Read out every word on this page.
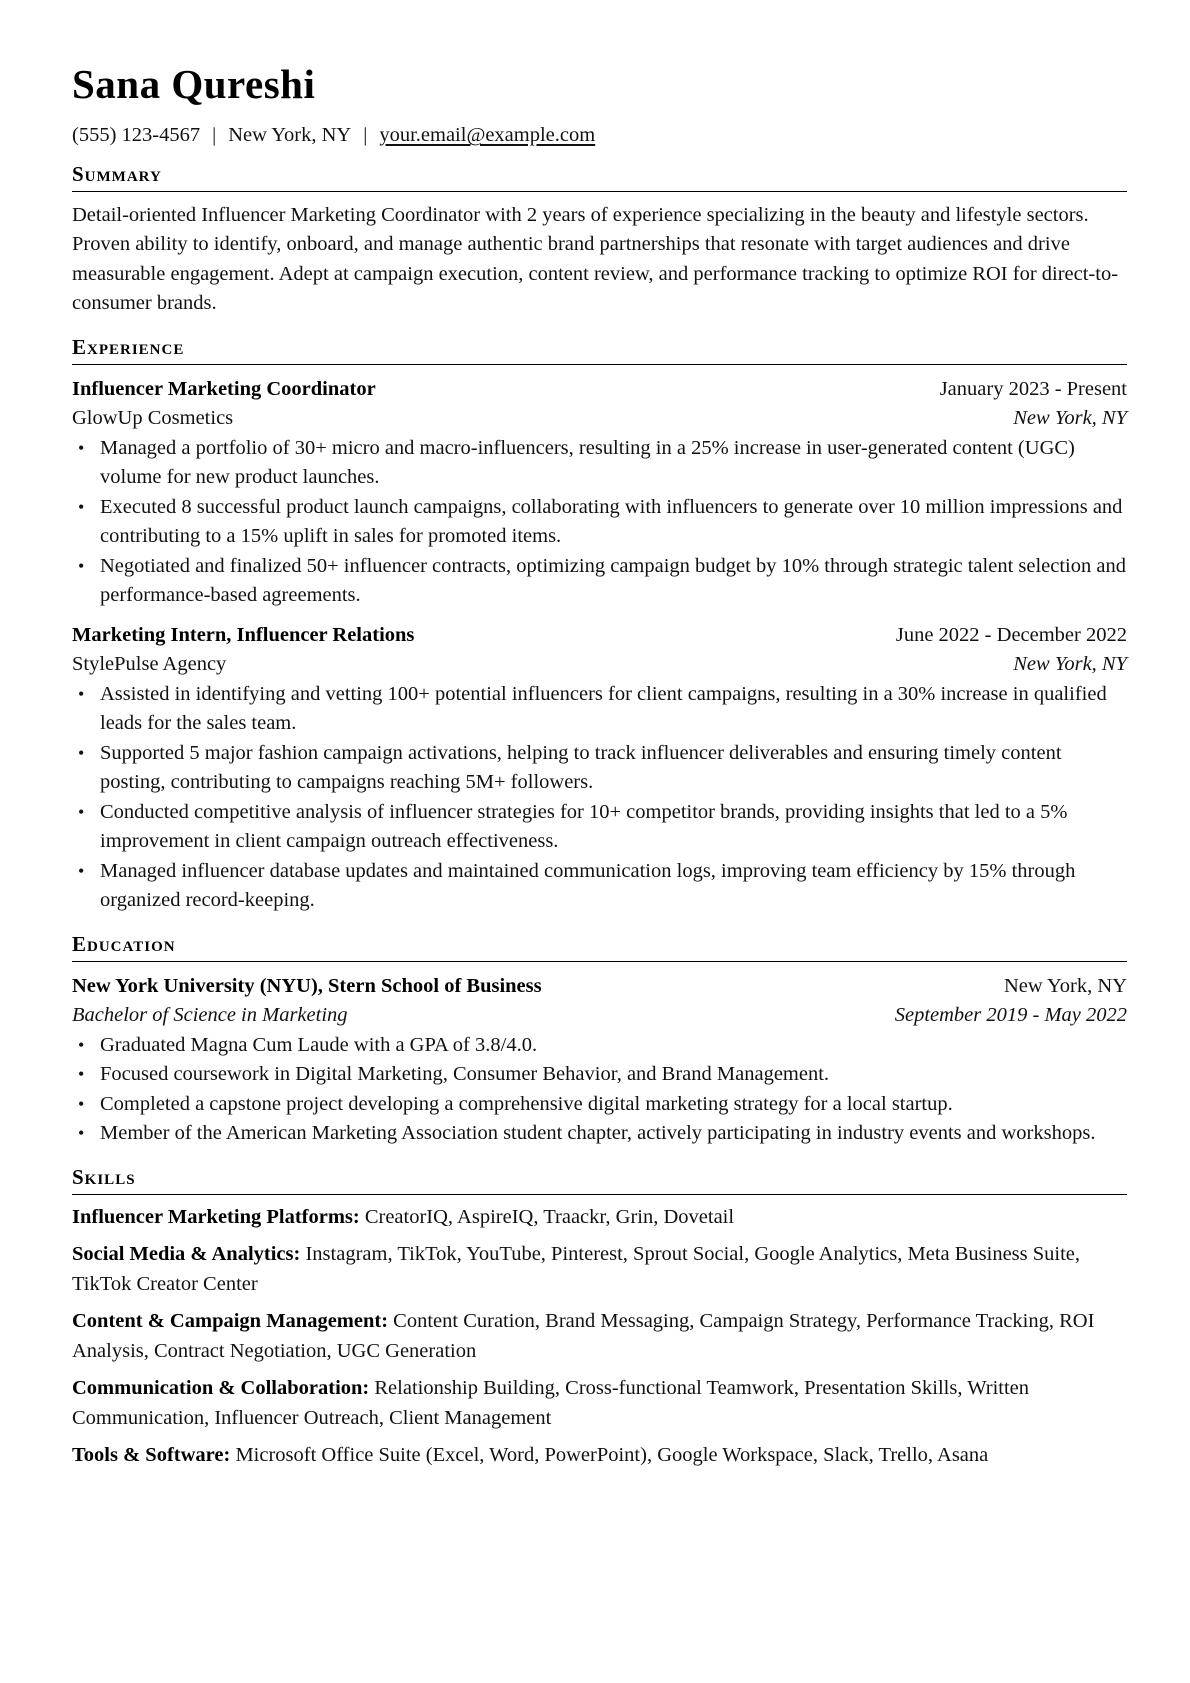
Sana Qureshi
(555) 123-4567 | New York, NY | your.email@example.com
Summary

Detail-oriented Influencer Marketing Coordinator with 2 years of experience specializing in the beauty and lifestyle sectors. Proven ability to identify, onboard, and manage authentic brand partnerships that resonate with target audiences and drive measurable engagement. Adept at campaign execution, content review, and performance tracking to optimize ROI for direct-to-consumer brands.

Experience
Influencer Marketing Coordinator	January 2023 - Present
GlowUp Cosmetics	New York, NY
• Managed a portfolio of 30+ micro and macro-influencers, resulting in a 25% increase in user-generated content (UGC) volume for new product launches.
• Executed 8 successful product launch campaigns, collaborating with influencers to generate over 10 million impressions and contributing to a 15% uplift in sales for promoted items.
• Negotiated and finalized 50+ influencer contracts, optimizing campaign budget by 10% through strategic talent selection and performance-based agreements.
Marketing Intern, Influencer Relations	June 2022 - December 2022
StylePulse Agency	New York, NY
• Assisted in identifying and vetting 100+ potential influencers for client campaigns, resulting in a 30% increase in qualified leads for the sales team.
• Supported 5 major fashion campaign activations, helping to track influencer deliverables and ensuring timely content posting, contributing to campaigns reaching 5M+ followers.
• Conducted competitive analysis of influencer strategies for 10+ competitor brands, providing insights that led to a 5% improvement in client campaign outreach effectiveness.
• Managed influencer database updates and maintained communication logs, improving team efficiency by 15% through organized record-keeping.
Education
New York University (NYU), Stern School of Business	New York, NY
Bachelor of Science in Marketing	September 2019 - May 2022
• Graduated Magna Cum Laude with a GPA of 3.8/4.0.
• Focused coursework in Digital Marketing, Consumer Behavior, and Brand Management.
• Completed a capstone project developing a comprehensive digital marketing strategy for a local startup.
• Member of the American Marketing Association student chapter, actively participating in industry events and workshops.
Skills
Influencer Marketing Platforms: CreatorIQ, AspireIQ, Traackr, Grin, Dovetail
Social Media & Analytics: Instagram, TikTok, YouTube, Pinterest, Sprout Social, Google Analytics, Meta Business Suite, TikTok Creator Center
Content & Campaign Management: Content Curation, Brand Messaging, Campaign Strategy, Performance Tracking, ROI Analysis, Contract Negotiation, UGC Generation
Communication & Collaboration: Relationship Building, Cross-functional Teamwork, Presentation Skills, Written Communication, Influencer Outreach, Client Management
Tools & Software: Microsoft Office Suite (Excel, Word, PowerPoint), Google Workspace, Slack, Trello, Asana
